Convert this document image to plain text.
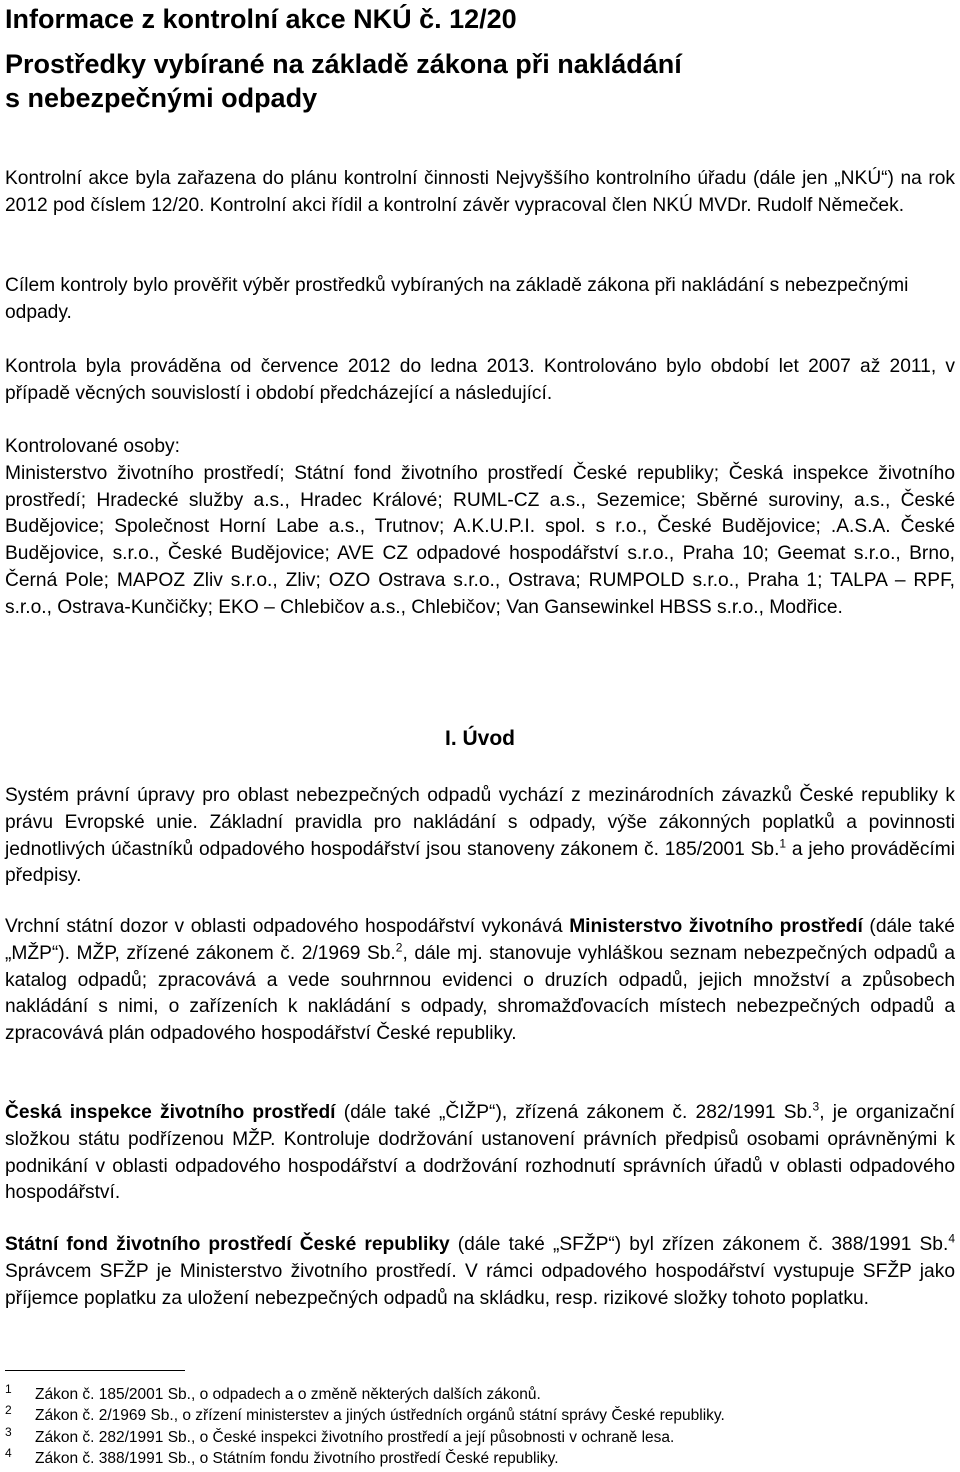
Informace z kontrolní akce NKÚ č. 12/20
Prostředky vybírané na základě zákona při nakládání
s nebezpečnými odpady

Kontrolní akce byla zařazena do plánu kontrolní činnosti Nejvyššího kontrolního úřadu (dále jen „NKÚ“) na rok 2012 pod číslem 12/20. Kontrolní akci řídil a kontrolní závěr vypracoval člen NKÚ MVDr. Rudolf Němeček.

Cílem kontroly bylo prověřit výběr prostředků vybíraných na základě zákona při nakládání s nebezpečnými odpady.

Kontrola byla prováděna od července 2012 do ledna 2013. Kontrolováno bylo období let 2007 až 2011, v případě věcných souvislostí i období předcházející a následující.

Kontrolované osoby:
Ministerstvo životního prostředí; Státní fond životního prostředí České republiky; Česká inspekce životního prostředí; Hradecké služby a.s., Hradec Králové; RUML-CZ a.s., Sezemice; Sběrné suroviny, a.s., České Budějovice; Společnost Horní Labe a.s., Trutnov; A.K.U.P.I. spol. s r.o., České Budějovice; .A.S.A. České Budějovice, s.r.o., České Budějovice; AVE CZ odpadové hospodářství s.r.o., Praha 10; Geemat s.r.o., Brno, Černá Pole; MAPOZ Zliv s.r.o., Zliv; OZO Ostrava s.r.o., Ostrava; RUMPOLD s.r.o., Praha 1; TALPA – RPF, s.r.o., Ostrava-Kunčičky; EKO – Chlebičov a.s., Chlebičov; Van Gansewinkel HBSS s.r.o., Modřice.
I. Úvod

Systém právní úpravy pro oblast nebezpečných odpadů vychází z mezinárodních závazků České republiky k právu Evropské unie. Základní pravidla pro nakládání s odpady, výše zákonných poplatků a povinnosti jednotlivých účastníků odpadového hospodářství jsou stanoveny zákonem č. 185/2001 Sb.$^1$ a jeho prováděcími předpisy.

Vrchní státní dozor v oblasti odpadového hospodářství vykonává Ministerstvo životního prostředí (dále také „MŽP“). MŽP, zřízené zákonem č. 2/1969 Sb.$^2$, dále mj. stanovuje vyhláškou seznam nebezpečných odpadů a katalog odpadů; zpracovává a vede souhrnnou evidenci o druzích odpadů, jejich množství a způsobech nakládání s nimi, o zařízeních k nakládání s odpady, shromažďovacích místech nebezpečných odpadů a zpracovává plán odpadového hospodářství České republiky.

Česká inspekce životního prostředí (dále také „ČIŽP“), zřízená zákonem č. 282/1991 Sb.$^3$, je organizační složkou státu podřízenou MŽP. Kontroluje dodržování ustanovení právních předpisů osobami oprávněnými k podnikání v oblasti odpadového hospodářství a dodržování rozhodnutí správních úřadů v oblasti odpadového hospodářství.

Státní fond životního prostředí České republiky (dále také „SFŽP“) byl zřízen zákonem č. 388/1991 Sb.$^4$ Správcem SFŽP je Ministerstvo životního prostředí. V rámci odpadového hospodářství vystupuje SFŽP jako příjemce poplatku za uložení nebezpečných odpadů na skládku, resp. rizikové složky tohoto poplatku.

1 Zákon č. 185/2001 Sb., o odpadech a o změně některých dalších zákonů.
2 Zákon č. 2/1969 Sb., o zřízení ministerstev a jiných ústředních orgánů státní správy České republiky.
3 Zákon č. 282/1991 Sb., o České inspekci životního prostředí a její působnosti v ochraně lesa.
4 Zákon č. 388/1991 Sb., o Státním fondu životního prostředí České republiky.
